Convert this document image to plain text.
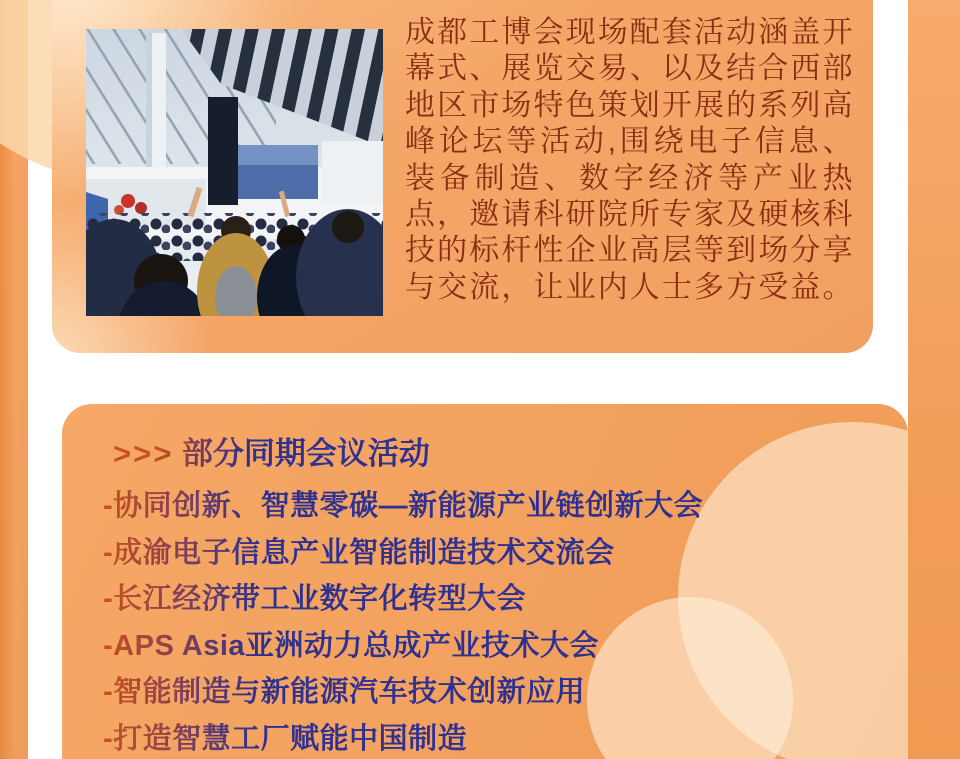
成都工博会现场配套活动涵盖开
幕式、展览交易、以及结合西部
地区市场特色策划开展的系列高
峰论坛等活动,围绕电子信息、
装备制造、数字经济等产业热
点，邀请科研院所专家及硬核科
技的标杆性企业高层等到场分享
与交流，让业内人士多方受益。
>>> 部分同期会议活动
-协同创新、智慧零碳—新能源产业链创新大会
-成渝电子信息产业智能制造技术交流会
-长江经济带工业数字化转型大会
-APS Asia亚洲动力总成产业技术大会
-智能制造与新能源汽车技术创新应用
-打造智慧工厂赋能中国制造
